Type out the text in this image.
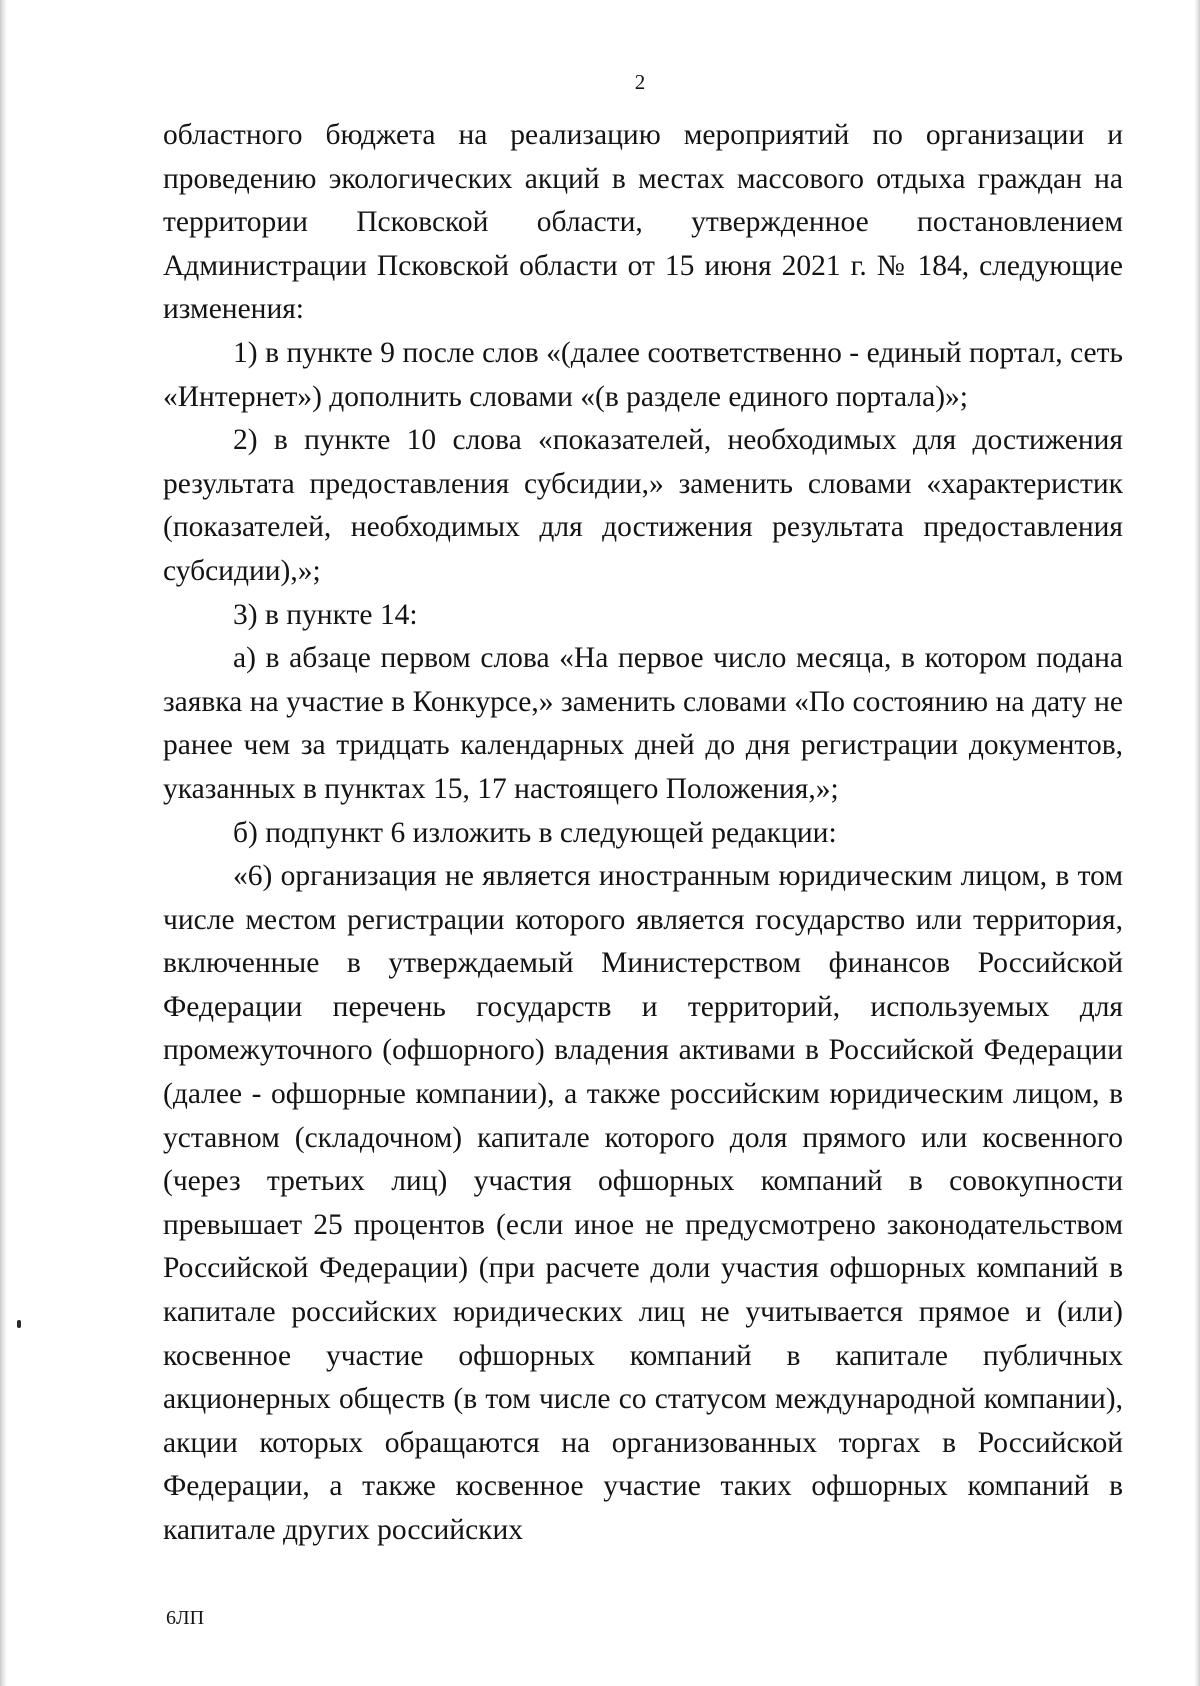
2

областного бюджета на реализацию мероприятий по организации и проведению экологических акций в местах массового отдыха граждан на территории Псковской области, утвержденное постановлением Администрации Псковской области от 15 июня 2021 г. № 184, следующие изменения:

1) в пункте 9 после слов «(далее соответственно - единый портал, сеть «Интернет») дополнить словами «(в разделе единого портала)»;

2) в пункте 10 слова «показателей, необходимых для достижения результата предоставления субсидии,» заменить словами «характеристик (показателей, необходимых для достижения результата предоставления субсидии),»;

3) в пункте 14:

а) в абзаце первом слова «На первое число месяца, в котором подана заявка на участие в Конкурсе,» заменить словами «По состоянию на дату не ранее чем за тридцать календарных дней до дня регистрации документов, указанных в пунктах 15, 17 настоящего Положения,»;

б) подпункт 6 изложить в следующей редакции:

«6) организация не является иностранным юридическим лицом, в том числе местом регистрации которого является государство или территория, включенные в утверждаемый Министерством финансов Российской Федерации перечень государств и территорий, используемых для промежуточного (офшорного) владения активами в Российской Федерации (далее - офшорные компании), а также российским юридическим лицом, в уставном (складочном) капитале которого доля прямого или косвенного (через третьих лиц) участия офшорных компаний в совокупности превышает 25 процентов (если иное не предусмотрено законодательством Российской Федерации) (при расчете доли участия офшорных компаний в капитале российских юридических лиц не учитывается прямое и (или) косвенное участие офшорных компаний в капитале публичных акционерных обществ (в том числе со статусом международной компании), акции которых обращаются на организованных торгах в Российской Федерации, а также косвенное участие таких офшорных компаний в капитале других российских

6ЛП
